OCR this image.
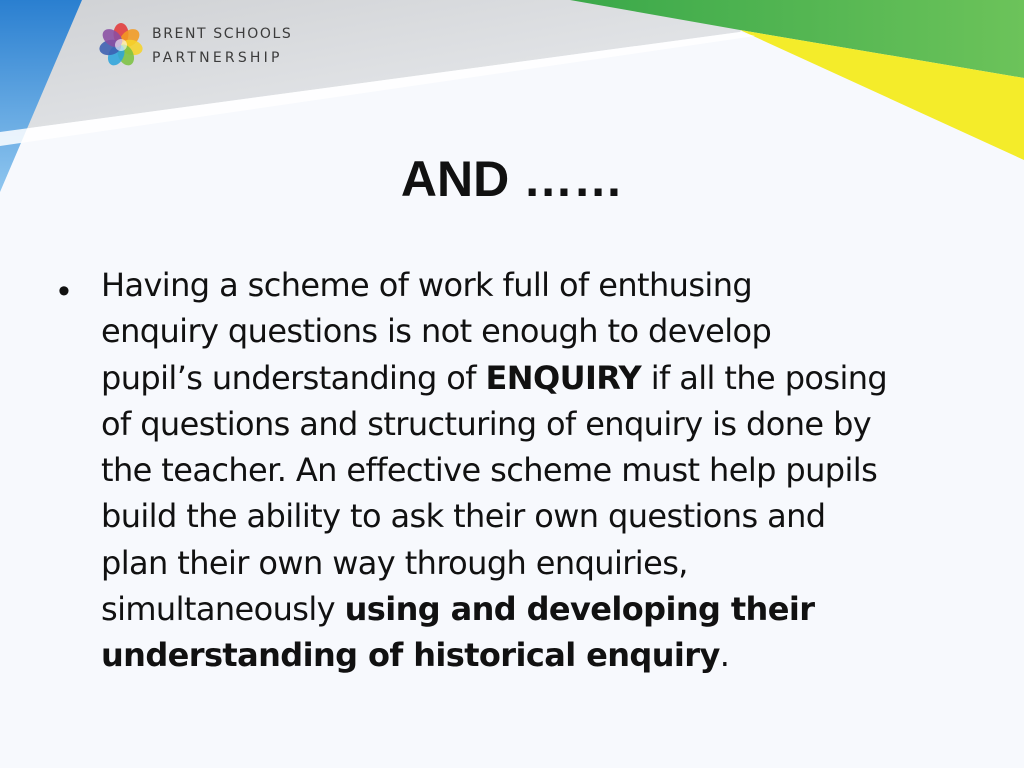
BRENT SCHOOLS
PARTNERSHIP
AND ……
• Having a scheme of work full of enthusing
enquiry questions is not enough to develop
pupil’s understanding of ENQUIRY if all the posing
of questions and structuring of enquiry is done by
the teacher. An effective scheme must help pupils
build the ability to ask their own questions and
plan their own way through enquiries,
simultaneously using and developing their
understanding of historical enquiry.
